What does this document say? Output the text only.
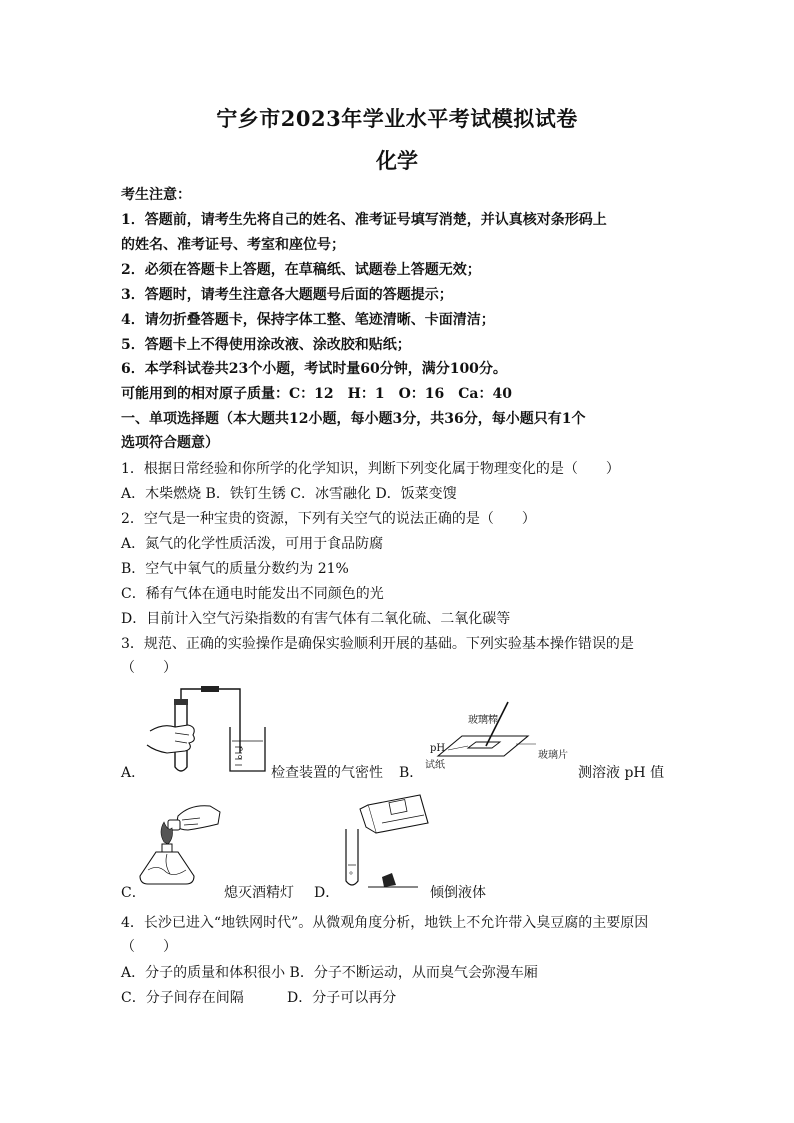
宁乡市2023年学业水平考试模拟试卷
化学
考生注意：
1．答题前，请考生先将自己的姓名、准考证号填写消楚，并认真核对条形码上
的姓名、准考证号、考室和座位号；
2．必须在答题卡上答题，在草稿纸、试题卷上答题无效；
3．答题时，请考生注意各大题题号后面的答题提示；
4．请勿折叠答题卡，保持字体工整、笔迹清晰、卡面清洁；
5．答题卡上不得使用涂改液、涂改胶和贴纸；
6．本学科试卷共23个小题，考试时量60分钟，满分100分。
可能用到的相对原子质量：C：12　H：1　O：16　Ca：40
一、单项选择题（本大题共12小题，每小题3分，共36分，每小题只有1个
选项符合题意）
1．根据日常经验和你所学的化学知识，判断下列变化属于物理变化的是（　　）
A．木柴燃烧 B．铁钉生锈 C．冰雪融化 D．饭菜变馊
2．空气是一种宝贵的资源，下列有关空气的说法正确的是（　　）
A．氮气的化学性质活泼，可用于食品防腐
B．空气中氧气的质量分数约为 21%
C．稀有气体在通电时能发出不同颜色的光
D．目前计入空气污染指数的有害气体有二氧化硫、二氧化碳等
3．规范、正确的实验操作是确保实验顺利开展的基础。下列实验基本操作错误的是
（　　）
A．	检查装置的气密性 B．
玻璃棒
pH
试纸
玻璃片
测溶液 pH 值
C．	熄灭酒精灯 D．	倾倒液体
4．长沙已进入“地铁网时代”。从微观角度分析，地铁上不允许带入臭豆腐的主要原因
（　　）
A．分子的质量和体积很小 B．分子不断运动，从而臭气会弥漫车厢
C．分子间存在间隔	D．分子可以再分
